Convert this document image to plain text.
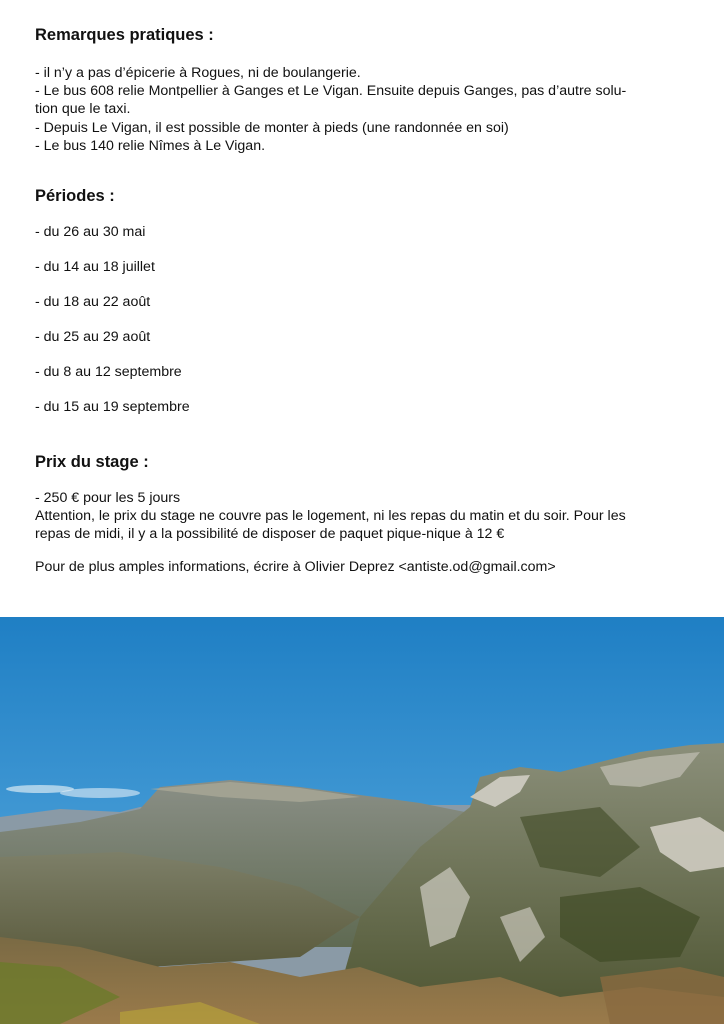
Remarques pratiques :
- il n’y a pas d’épicerie à Rogues, ni de boulangerie.
- Le bus 608 relie Montpellier à Ganges et Le Vigan. Ensuite depuis Ganges, pas d’autre solu-
tion que le taxi.
- Depuis Le Vigan, il est possible de monter à pieds (une randonnée en soi)
- Le bus 140 relie Nîmes à Le Vigan.
Périodes :
- du 26 au 30 mai
- du 14 au 18 juillet
- du 18 au 22 août
- du 25 au 29 août
- du 8 au 12 septembre
- du 15 au 19 septembre
Prix du stage :
- 250 € pour les 5 jours
Attention, le prix du stage ne couvre pas le logement, ni les repas du matin et du soir. Pour les
repas de midi, il y a la possibilité de disposer de paquet pique-nique à 12 €
Pour de plus amples informations, écrire à Olivier Deprez <antiste.od@gmail.com>
